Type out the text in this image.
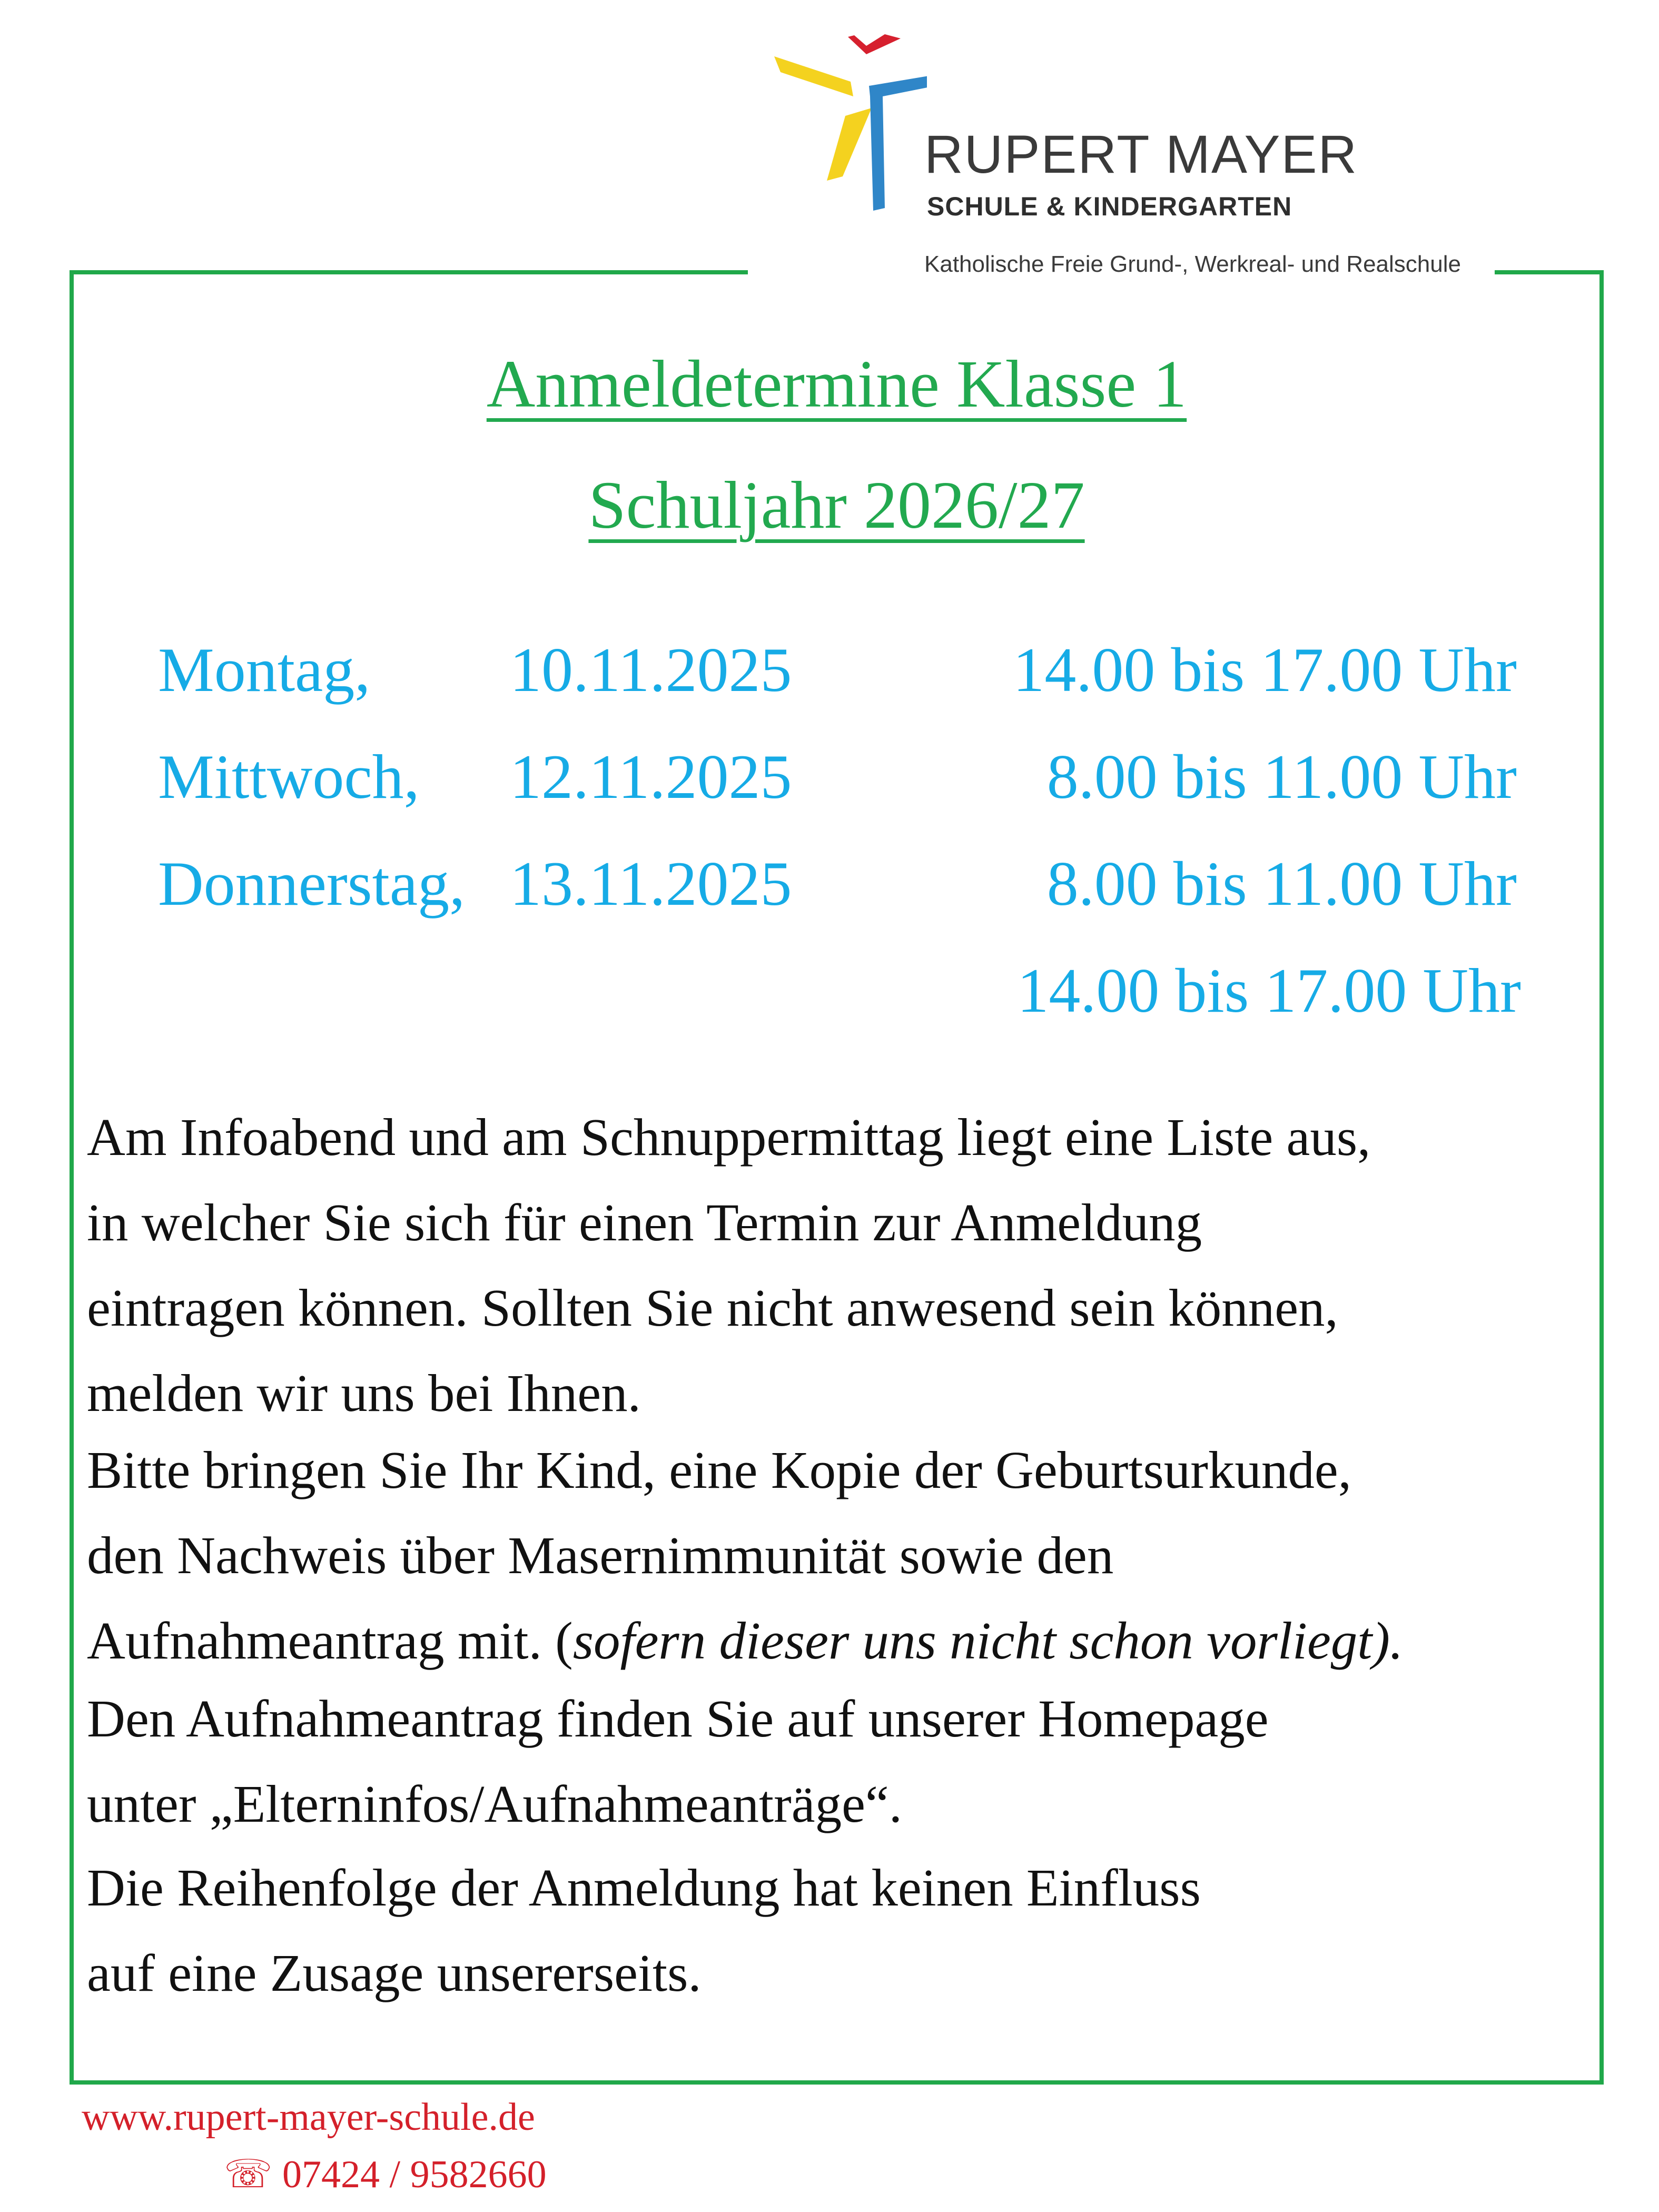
RUPERT MAYER
SCHULE & KINDERGARTEN
Katholische Freie Grund-, Werkreal- und Realschule
Anmeldetermine Klasse 1
Schuljahr 2026/27
Montag, 10.11.2025	14.00 bis 17.00 Uhr
Mittwoch, 12.11.2025	8.00 bis 11.00 Uhr
Donnerstag, 13.11.2025	8.00 bis 11.00 Uhr
14.00 bis 17.00 Uhr

Am Infoabend und am Schnuppermittag liegt eine Liste aus,
in welcher Sie sich für einen Termin zur Anmeldung
eintragen können. Sollten Sie nicht anwesend sein können,
melden wir uns bei Ihnen.

Bitte bringen Sie Ihr Kind, eine Kopie der Geburtsurkunde,
den Nachweis über Masernimmunität sowie den
Aufnahmeantrag mit. (sofern dieser uns nicht schon vorliegt).

Den Aufnahmeantrag finden Sie auf unserer Homepage
unter „Elterninfos/Aufnahmeanträge“.

Die Reihenfolge der Anmeldung hat keinen Einfluss
auf eine Zusage unsererseits.

www.rupert-mayer-schule.de
☏ 07424 / 9582660
